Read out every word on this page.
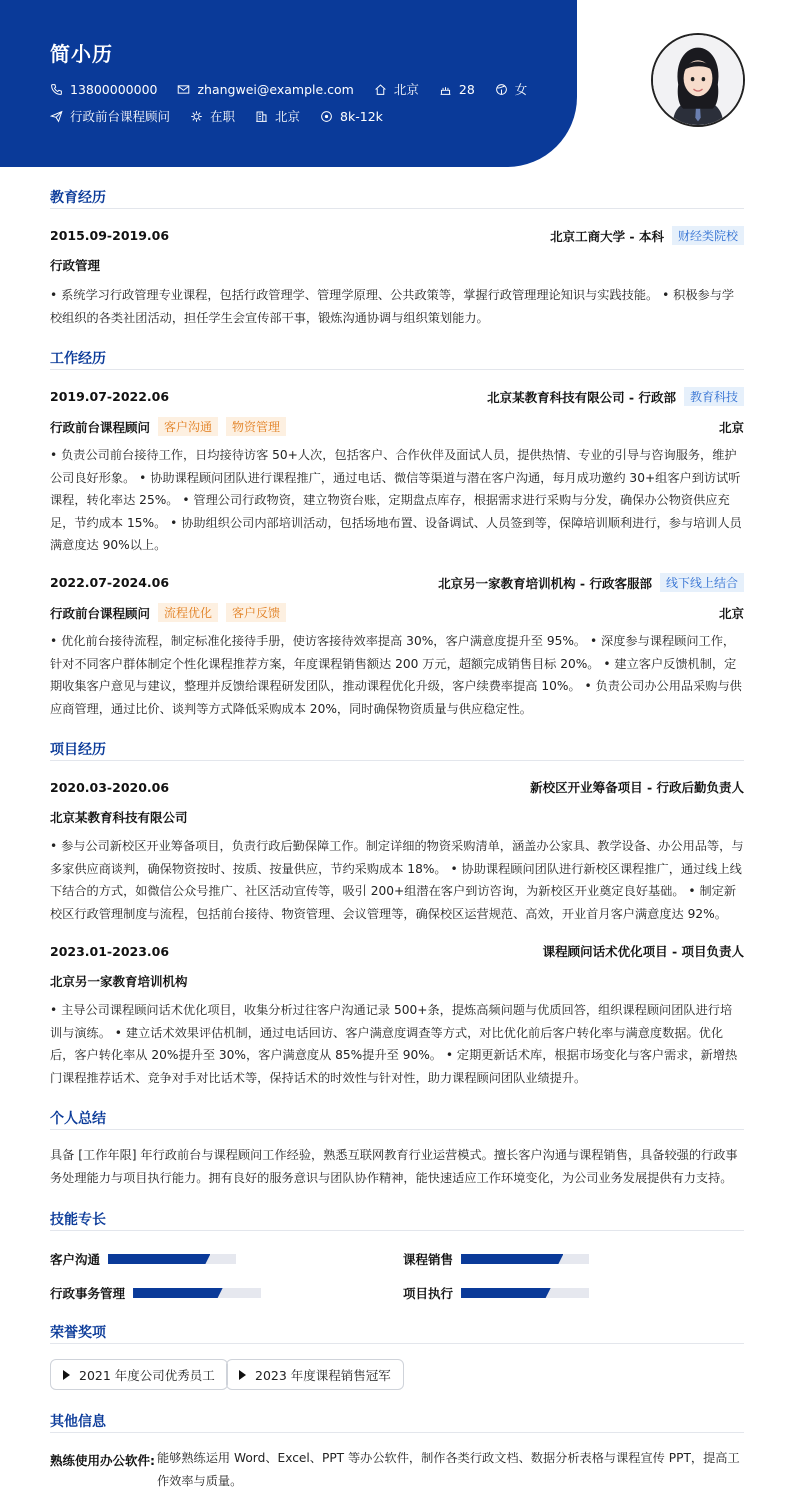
简小历
13800000000	zhangwei@example.com	北京	28	女
行政前台课程顾问	在职	北京	8k-12k
教育经历
2015.09-2019.06	北京工商大学 - 本科	财经类院校
行政管理
• 系统学习行政管理专业课程，包括行政管理学、管理学原理、公共政策等，掌握行政管理理论知识与实践技能。 • 积极参与学校组织的各类社团活动，担任学生会宣传部干事，锻炼沟通协调与组织策划能力。
工作经历
2019.07-2022.06	北京某教育科技有限公司 - 行政部	教育科技
行政前台课程顾问	客户沟通	物资管理	北京
• 负责公司前台接待工作，日均接待访客 50+人次，包括客户、合作伙伴及面试人员，提供热情、专业的引导与咨询服务，维护公司良好形象。 • 协助课程顾问团队进行课程推广，通过电话、微信等渠道与潜在客户沟通，每月成功邀约 30+组客户到访试听课程，转化率达 25%。 • 管理公司行政物资，建立物资台账，定期盘点库存，根据需求进行采购与分发，确保办公物资供应充足，节约成本 15%。 • 协助组织公司内部培训活动，包括场地布置、设备调试、人员签到等，保障培训顺利进行，参与培训人员满意度达 90%以上。
2022.07-2024.06	北京另一家教育培训机构 - 行政客服部	线下线上结合
行政前台课程顾问	流程优化	客户反馈	北京
• 优化前台接待流程，制定标准化接待手册，使访客接待效率提高 30%，客户满意度提升至 95%。 • 深度参与课程顾问工作，针对不同客户群体制定个性化课程推荐方案，年度课程销售额达 200 万元，超额完成销售目标 20%。 • 建立客户反馈机制，定期收集客户意见与建议，整理并反馈给课程研发团队，推动课程优化升级，客户续费率提高 10%。 • 负责公司办公用品采购与供应商管理，通过比价、谈判等方式降低采购成本 20%，同时确保物资质量与供应稳定性。
项目经历
2020.03-2020.06	新校区开业筹备项目 - 行政后勤负责人
北京某教育科技有限公司
• 参与公司新校区开业筹备项目，负责行政后勤保障工作。制定详细的物资采购清单，涵盖办公家具、教学设备、办公用品等，与多家供应商谈判，确保物资按时、按质、按量供应，节约采购成本 18%。 • 协助课程顾问团队进行新校区课程推广，通过线上线下结合的方式，如微信公众号推广、社区活动宣传等，吸引 200+组潜在客户到访咨询，为新校区开业奠定良好基础。 • 制定新校区行政管理制度与流程，包括前台接待、物资管理、会议管理等，确保校区运营规范、高效，开业首月客户满意度达 92%。
2023.01-2023.06	课程顾问话术优化项目 - 项目负责人
北京另一家教育培训机构
• 主导公司课程顾问话术优化项目，收集分析过往客户沟通记录 500+条，提炼高频问题与优质回答，组织课程顾问团队进行培训与演练。 • 建立话术效果评估机制，通过电话回访、客户满意度调查等方式，对比优化前后客户转化率与满意度数据。优化后，客户转化率从 20%提升至 30%，客户满意度从 85%提升至 90%。 • 定期更新话术库，根据市场变化与客户需求，新增热门课程推荐话术、竞争对手对比话术等，保持话术的时效性与针对性，助力课程顾问团队业绩提升。
个人总结
具备 [工作年限] 年行政前台与课程顾问工作经验，熟悉互联网教育行业运营模式。擅长客户沟通与课程销售，具备较强的行政事务处理能力与项目执行能力。拥有良好的服务意识与团队协作精神，能快速适应工作环境变化，为公司业务发展提供有力支持。
技能专长
客户沟通	课程销售
行政事务管理	项目执行
荣誉奖项
2021 年度公司优秀员工	2023 年度课程销售冠军
其他信息
熟练使用办公软件: 能够熟练运用 Word、Excel、PPT 等办公软件，制作各类行政文档、数据分析表格与课程宣传 PPT，提高工作效率与质量。
